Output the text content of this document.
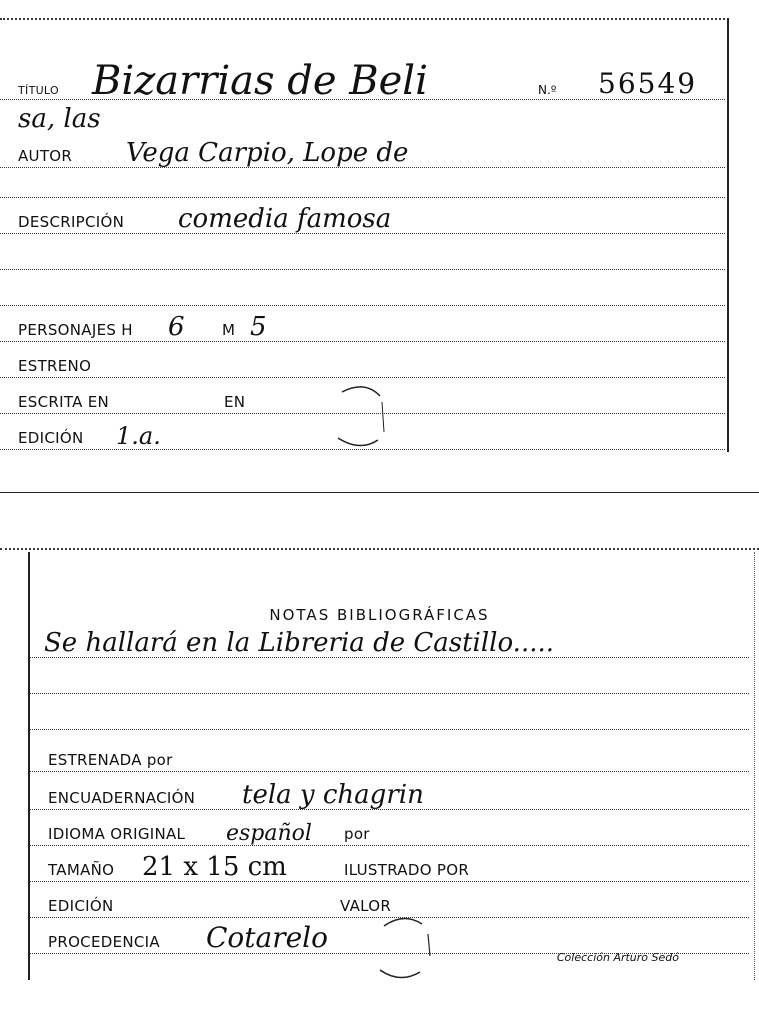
TÍTULO Bizarrias de Beli	N.º 56549
sa, las
AUTOR Vega Carpio, Lope de
DESCRIPCIÓN comedia famosa
PERSONAJES H 6 M 5
ESTRENO
ESCRITA EN	EN
EDICIÓN 1.a.
NOTAS BIBLIOGRÁFICAS
Se hallará en la Libreria de Castillo.....
ESTRENADA por
ENCUADERNACIÓN tela y chagrin
IDIOMA ORIGINAL español por
TAMAÑO 21 x 15 cm	ILUSTRADO POR
EDICIÓN	VALOR
PROCEDENCIA Cotarelo
Colección Arturo Sedó
